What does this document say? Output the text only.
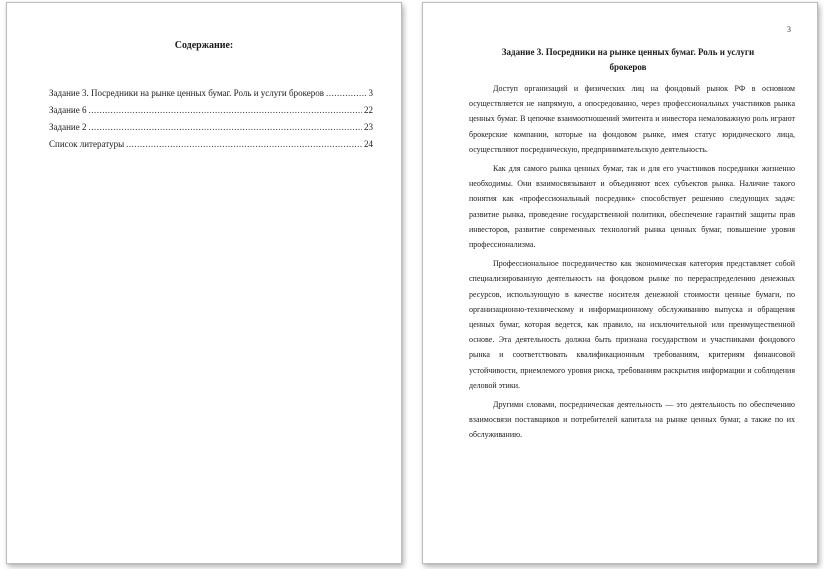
Содержание:
Задание 3. Посредники на рынке ценных бумаг. Роль и услуги брокеров .....	3
Задание 6 .....	22
Задание 2 .....	23
Список литературы .....	24
3
Задание 3. Посредники на рынке ценных бумаг. Роль и услуги
брокеров

Доступ организаций и физических лиц на фондовый рынок РФ в основном осуществляется не напрямую, а опосредованно, через профессиональных участников рынка ценных бумаг. В цепочке взаимоотношений эмитента и инвестора немаловажную роль играют брокерские компании, которые на фондовом рынке, имея статус юридического лица, осуществляют посредническую, предпринимательскую деятельность.

Как для самого рынка ценных бумаг, так и для его участников посредники жизненно необходимы. Они взаимосвязывают и объединяют всех субъектов рынка. Наличие такого понятия как «профессиональный посредник» способствует решению следующих задач: развитие рынка, проведение государственной политики, обеспечение гарантий защиты прав инвесторов, развитие современных технологий рынка ценных бумаг, повышение уровня профессионализма.

Профессиональное посредничество как экономическая категория представляет собой специализированную деятельность на фондовом рынке по перераспределению денежных ресурсов, использующую в качестве носителя денежной стоимости ценные бумаги, по организационно-техническому и информационному обслуживанию выпуска и обращения ценных бумаг, которая ведется, как правило, на исключительной или преимущественной основе. Эта деятельность должна быть признана государством и участниками фондового рынка и соответствовать квалификационным требованиям, критериям финансовой устойчивости, приемлемого уровня риска, требованиям раскрытия информации и соблюдения деловой этики.

Другими словами, посредническая деятельность — это деятельность по обеспечению взаимосвязи поставщиков и потребителей капитала на рынке ценных бумаг, а также по их обслуживанию.
